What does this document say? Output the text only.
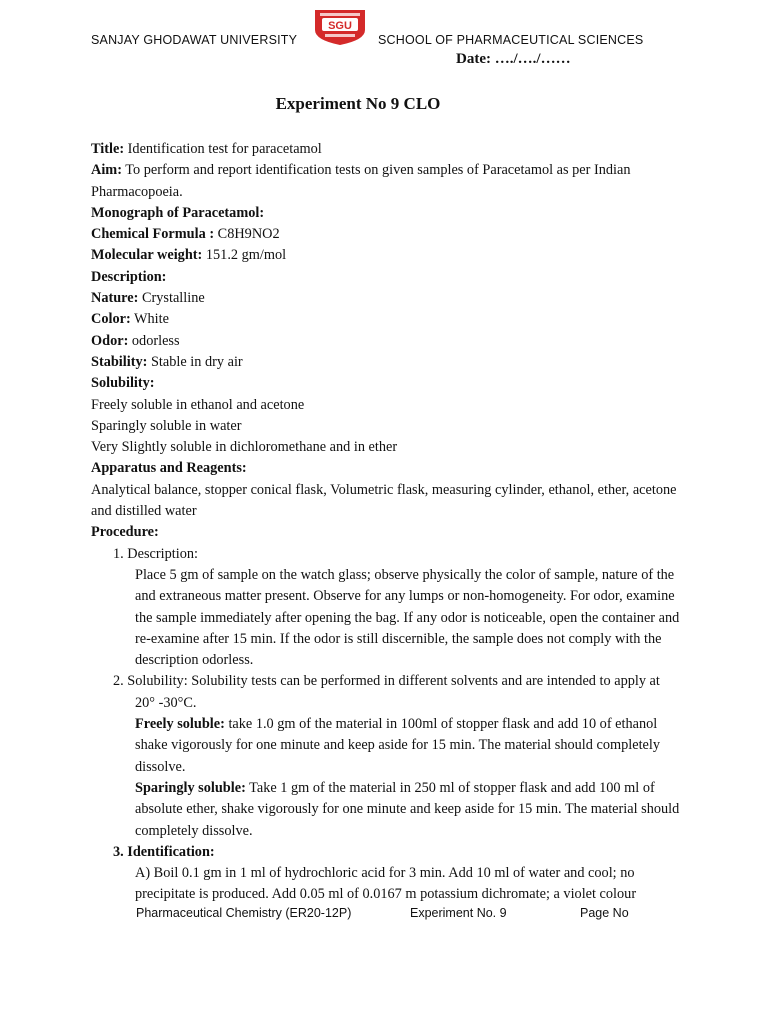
SANJAY GHODAWAT UNIVERSITY
SGU
SCHOOL OF PHARMACEUTICAL SCIENCES
Date: …./…./……
Experiment No 9 CLO

Title: Identification test for paracetamol

Aim: To perform and report identification tests on given samples of Paracetamol as per Indian Pharmacopoeia.

Monograph of Paracetamol:

Chemical Formula : C8H9NO2

Molecular weight: 151.2 gm/mol

Description:

Nature: Crystalline

Color: White

Odor: odorless

Stability: Stable in dry air

Solubility:

Freely soluble in ethanol and acetone

Sparingly soluble in water

Very Slightly soluble in dichloromethane and in ether

Apparatus and Reagents:

Analytical balance, stopper conical flask, Volumetric flask, measuring cylinder, ethanol, ether, acetone and distilled water

Procedure:

1. Description:

Place 5 gm of sample on the watch glass; observe physically the color of sample, nature of the and extraneous matter present. Observe for any lumps or non-homogeneity. For odor, examine the sample immediately after opening the bag. If any odor is noticeable, open the container and re-examine after 15 min. If the odor is still discernible, the sample does not comply with the description odorless.

2. Solubility: Solubility tests can be performed in different solvents and are intended to apply at 20° -30°C.

Freely soluble: take 1.0 gm of the material in 100ml of stopper flask and add 10 of ethanol shake vigorously for one minute and keep aside for 15 min. The material should completely dissolve.

Sparingly soluble: Take 1 gm of the material in 250 ml of stopper flask and add 100 ml of absolute ether, shake vigorously for one minute and keep aside for 15 min. The material should completely dissolve.

3. Identification:

A) Boil 0.1 gm in 1 ml of hydrochloric acid for 3 min. Add 10 ml of water and cool; no precipitate is produced. Add 0.05 ml of 0.0167 m potassium dichromate; a violet colour

Pharmaceutical Chemistry (ER20-12P)	Experiment No. 9	Page No
